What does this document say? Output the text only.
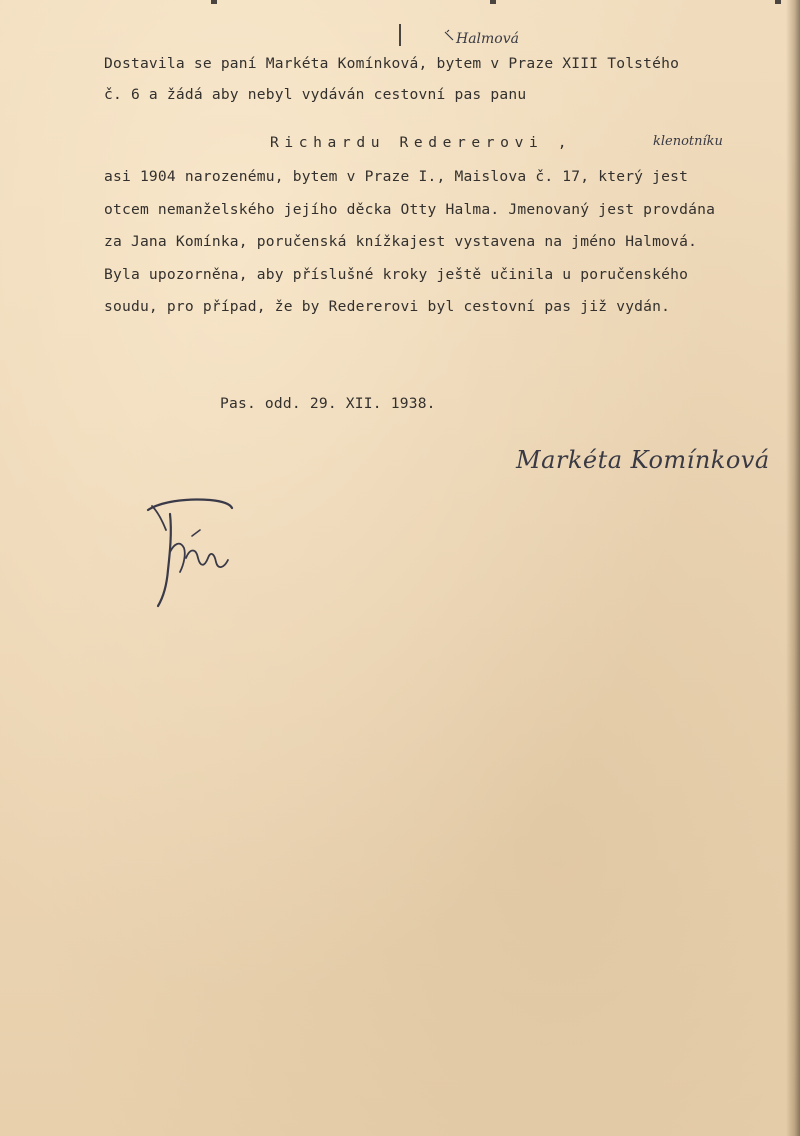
Halmová
Dostavila se paní Markéta Komínková, bytem v Praze XIII Tolstého
č. 6 a žádá aby nebyl vydáván cestovní pas panu
Richardu Redererovi ,	klenotníku
asi 1904 narozenému, bytem v Praze I., Maislova č. 17, který jest
otcem nemanželského jejího děcka Otty Halma. Jmenovaný jest provdána
za Jana Komínka, poručenská knížkajest vystavena na jméno Halmová.
Byla upozorněna, aby příslušné kroky ještě učinila u poručenského
soudu, pro případ, že by Redererovi byl cestovní pas již vydán.
Pas. odd. 29. XII. 1938.
Markéta Komínková
